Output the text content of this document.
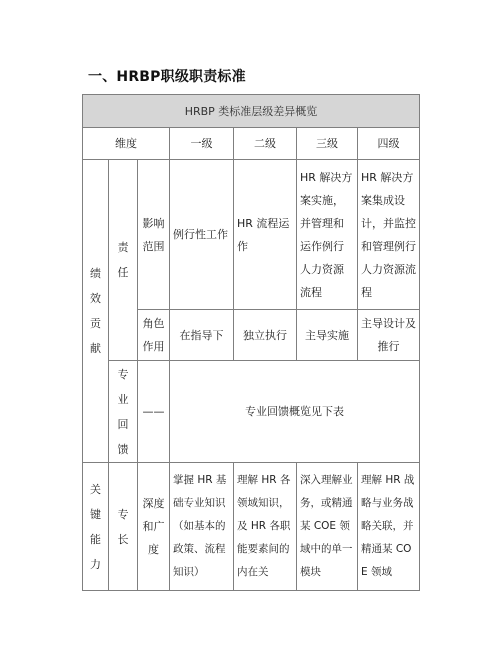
一、HRBP职级职责标准
HRBP 类标准层级差异概览						
维度			一级	二级	三级	四级
绩效贡献	责任	影响范围	例行性工作	HR 流程运作	HR 解决方案实施，并管理和运作例行人力资源流程	HR 解决方案集成设计，并监控和管理例行人力资源流程
		角色作用	在指导下	独立执行	主导实施	主导设计及推行
	专业回馈	——	专业回馈概览见下表			
关键能力	专长	深度和广度	掌握 HR 基础专业知识（如基本的政策、流程知识）	理解 HR 各领域知识，及 HR 各职能要素间的内在关	深入理解业务，或精通某 COE 领域中的单一模块	理解 HR 战略与业务战略关联，并精通某 COE 领域
